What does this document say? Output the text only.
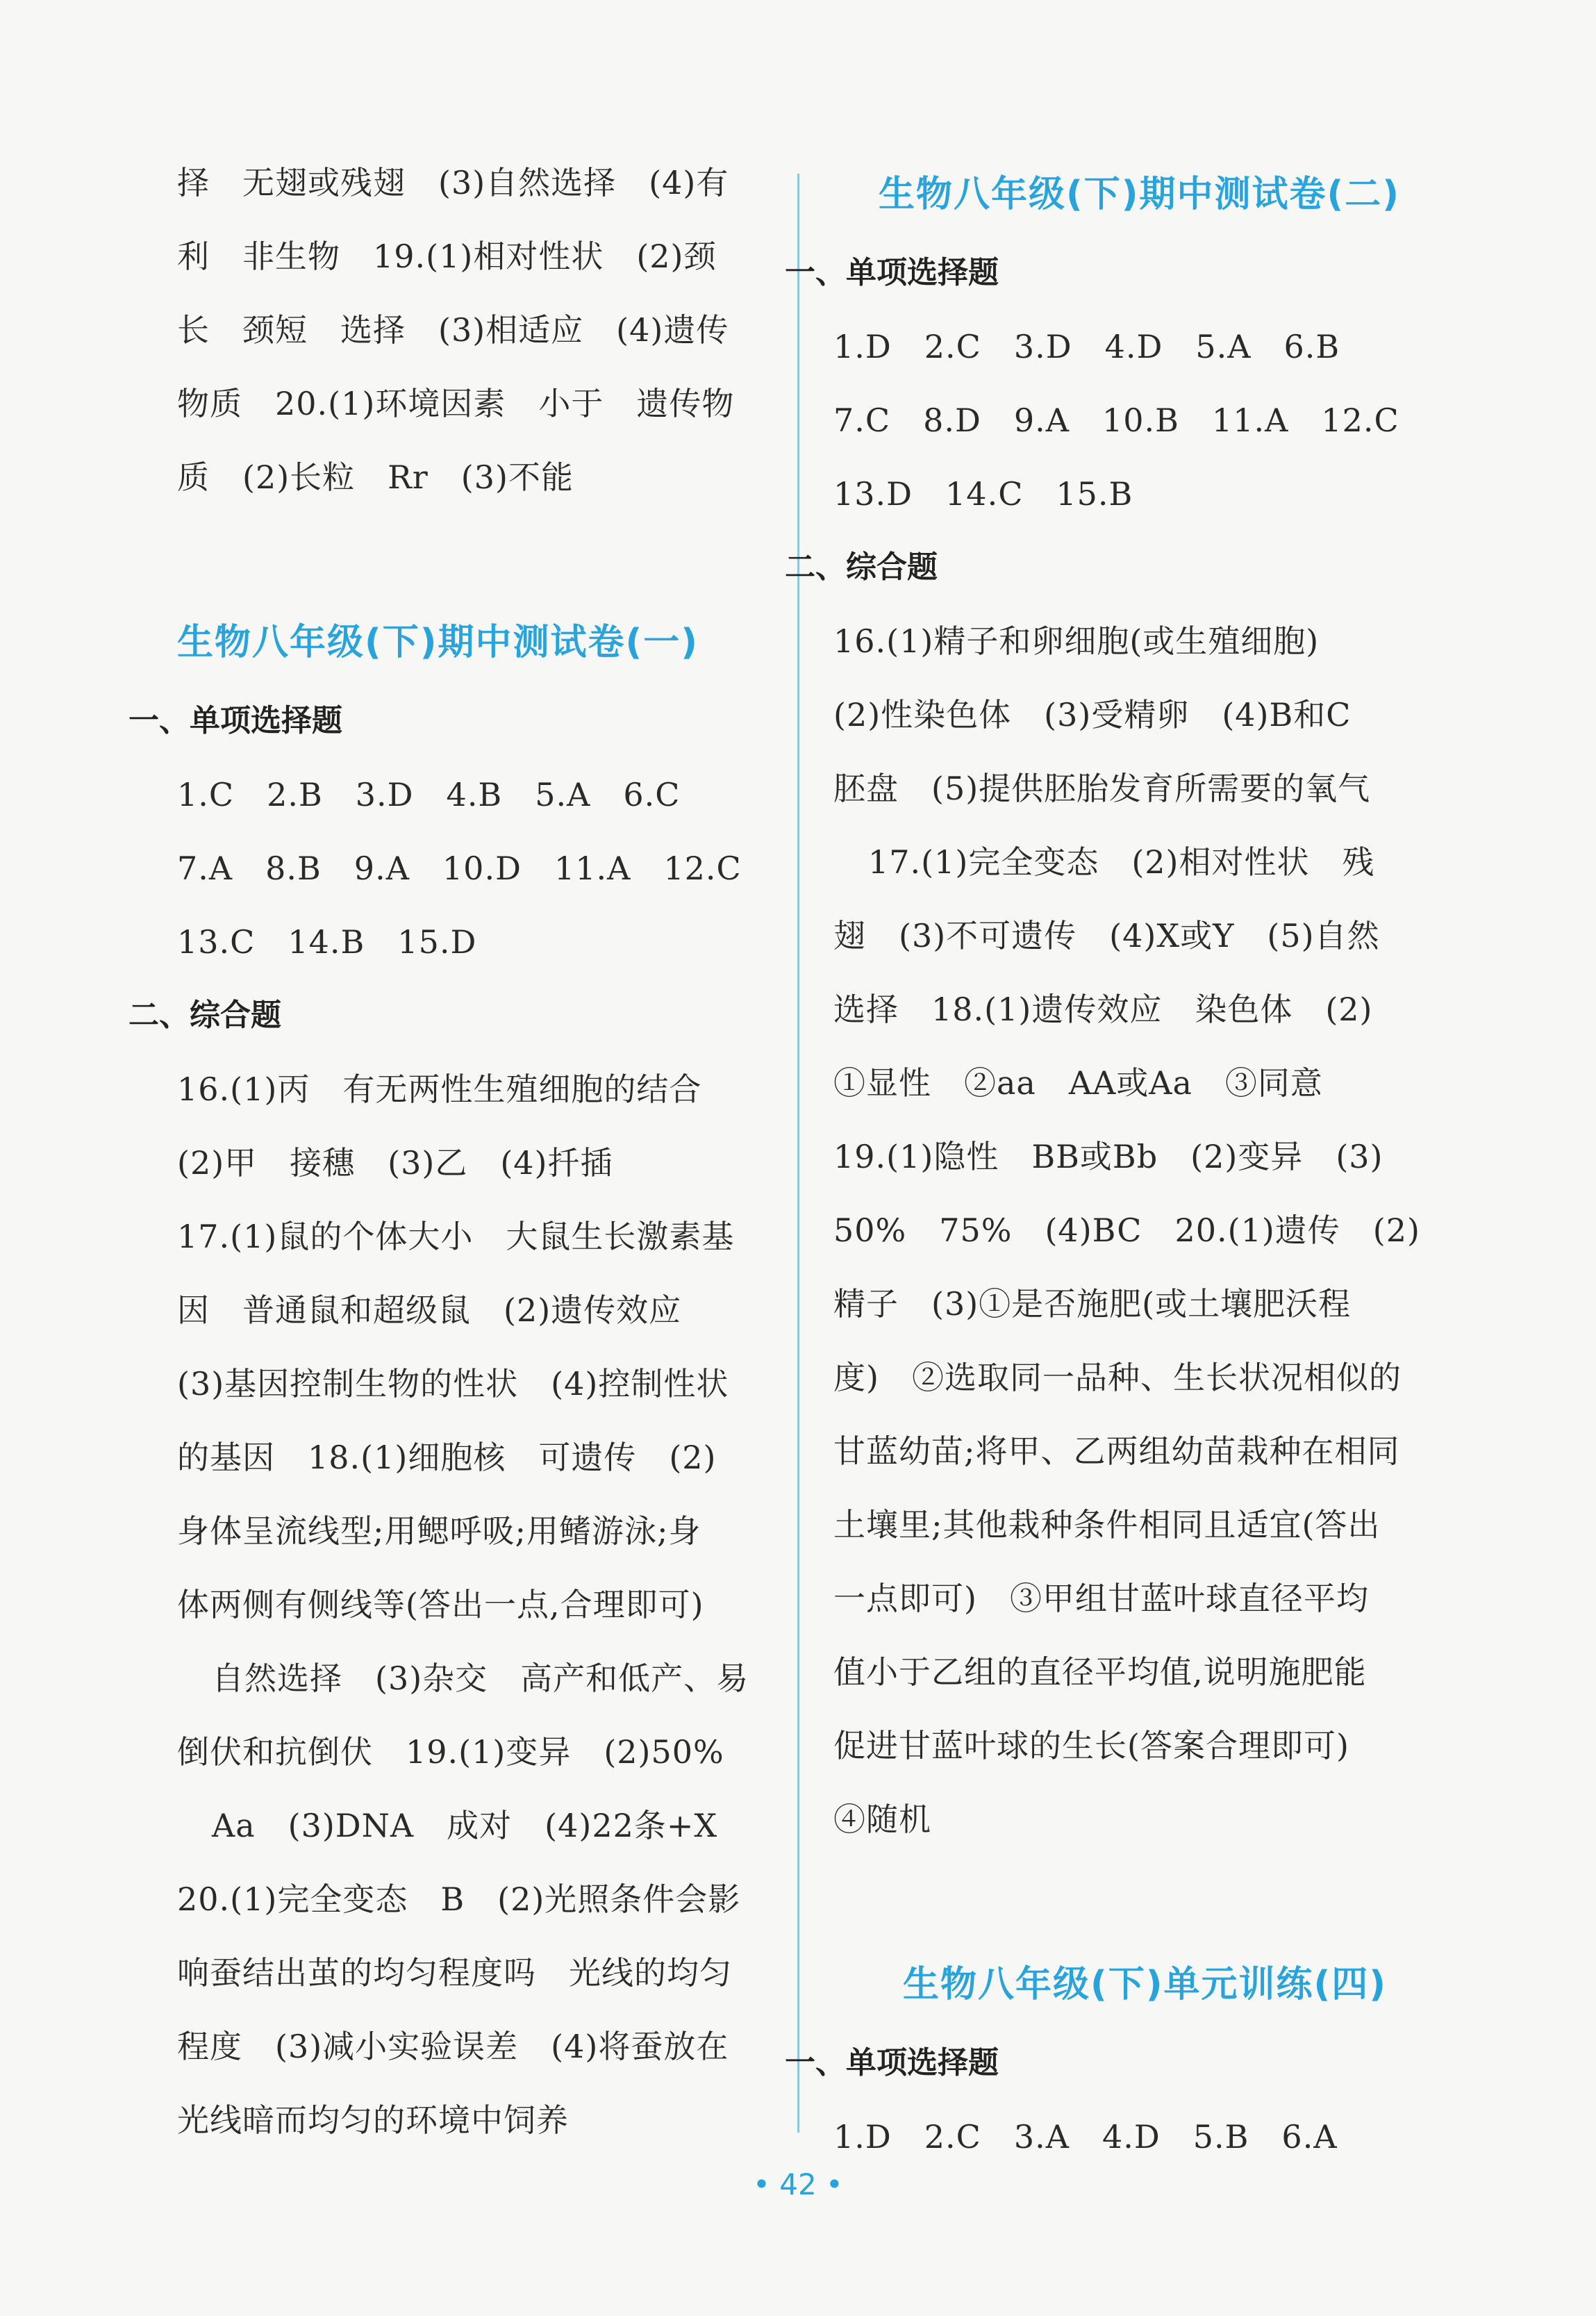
择　无翅或残翅　(3)自然选择　(4)有
利　非生物　19.(1)相对性状　(2)颈
长　颈短　选择　(3)相适应　(4)遗传
物质　20.(1)环境因素　小于　遗传物
质　(2)长粒　Rr　(3)不能
生物八年级(下)期中测试卷(一)
一、单项选择题
1.C　2.B　3.D　4.B　5.A　6.C
7.A　8.B　9.A　10.D　11.A　12.C
13.C　14.B　15.D
二、综合题
16.(1)丙　有无两性生殖细胞的结合
(2)甲　接穗　(3)乙　(4)扦插
17.(1)鼠的个体大小　大鼠生长激素基
因　普通鼠和超级鼠　(2)遗传效应
(3)基因控制生物的性状　(4)控制性状
的基因　18.(1)细胞核　可遗传　(2)
身体呈流线型;用鳃呼吸;用鳍游泳;身
体两侧有侧线等(答出一点,合理即可)
自然选择　(3)杂交　高产和低产、易
倒伏和抗倒伏　19.(1)变异　(2)50%
Aa　(3)DNA　成对　(4)22条+X
20.(1)完全变态　B　(2)光照条件会影
响蚕结出茧的均匀程度吗　光线的均匀
程度　(3)减小实验误差　(4)将蚕放在
光线暗而均匀的环境中饲养
生物八年级(下)期中测试卷(二)
一、单项选择题
1.D　2.C　3.D　4.D　5.A　6.B
7.C　8.D　9.A　10.B　11.A　12.C
13.D　14.C　15.B
二、综合题
16.(1)精子和卵细胞(或生殖细胞)
(2)性染色体　(3)受精卵　(4)B和C
胚盘　(5)提供胚胎发育所需要的氧气
17.(1)完全变态　(2)相对性状　残
翅　(3)不可遗传　(4)X或Y　(5)自然
选择　18.(1)遗传效应　染色体　(2)
①显性　②aa　AA或Aa　③同意
19.(1)隐性　BB或Bb　(2)变异　(3)
50%　75%　(4)BC　20.(1)遗传　(2)
精子　(3)①是否施肥(或土壤肥沃程
度)　②选取同一品种、生长状况相似的
甘蓝幼苗;将甲、乙两组幼苗栽种在相同
土壤里;其他栽种条件相同且适宜(答出
一点即可)　③甲组甘蓝叶球直径平均
值小于乙组的直径平均值,说明施肥能
促进甘蓝叶球的生长(答案合理即可)
④随机
生物八年级(下)单元训练(四)
一、单项选择题
1.D　2.C　3.A　4.D　5.B　6.A
• 42 •
